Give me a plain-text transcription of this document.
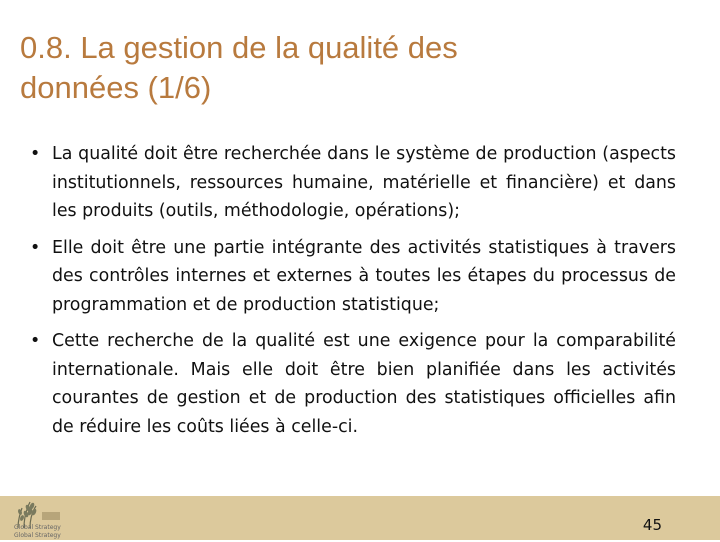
0.8. La gestion de la qualité des
données (1/6)
• La qualité doit être recherchée dans le système de production (aspects institutionnels, ressources humaine, matérielle et financière) et dans les produits (outils, méthodologie, opérations);
• Elle doit être une partie intégrante des activités statistiques à travers des contrôles internes et externes à toutes les étapes du processus de programmation et de production statistique;
• Cette recherche de la qualité est une exigence pour la comparabilité internationale. Mais elle doit être bien planifiée dans les activités courantes de gestion et de production des statistiques officielles afin de réduire les coûts liées à celle-ci.
Global Strategy
Global Strategy
45
